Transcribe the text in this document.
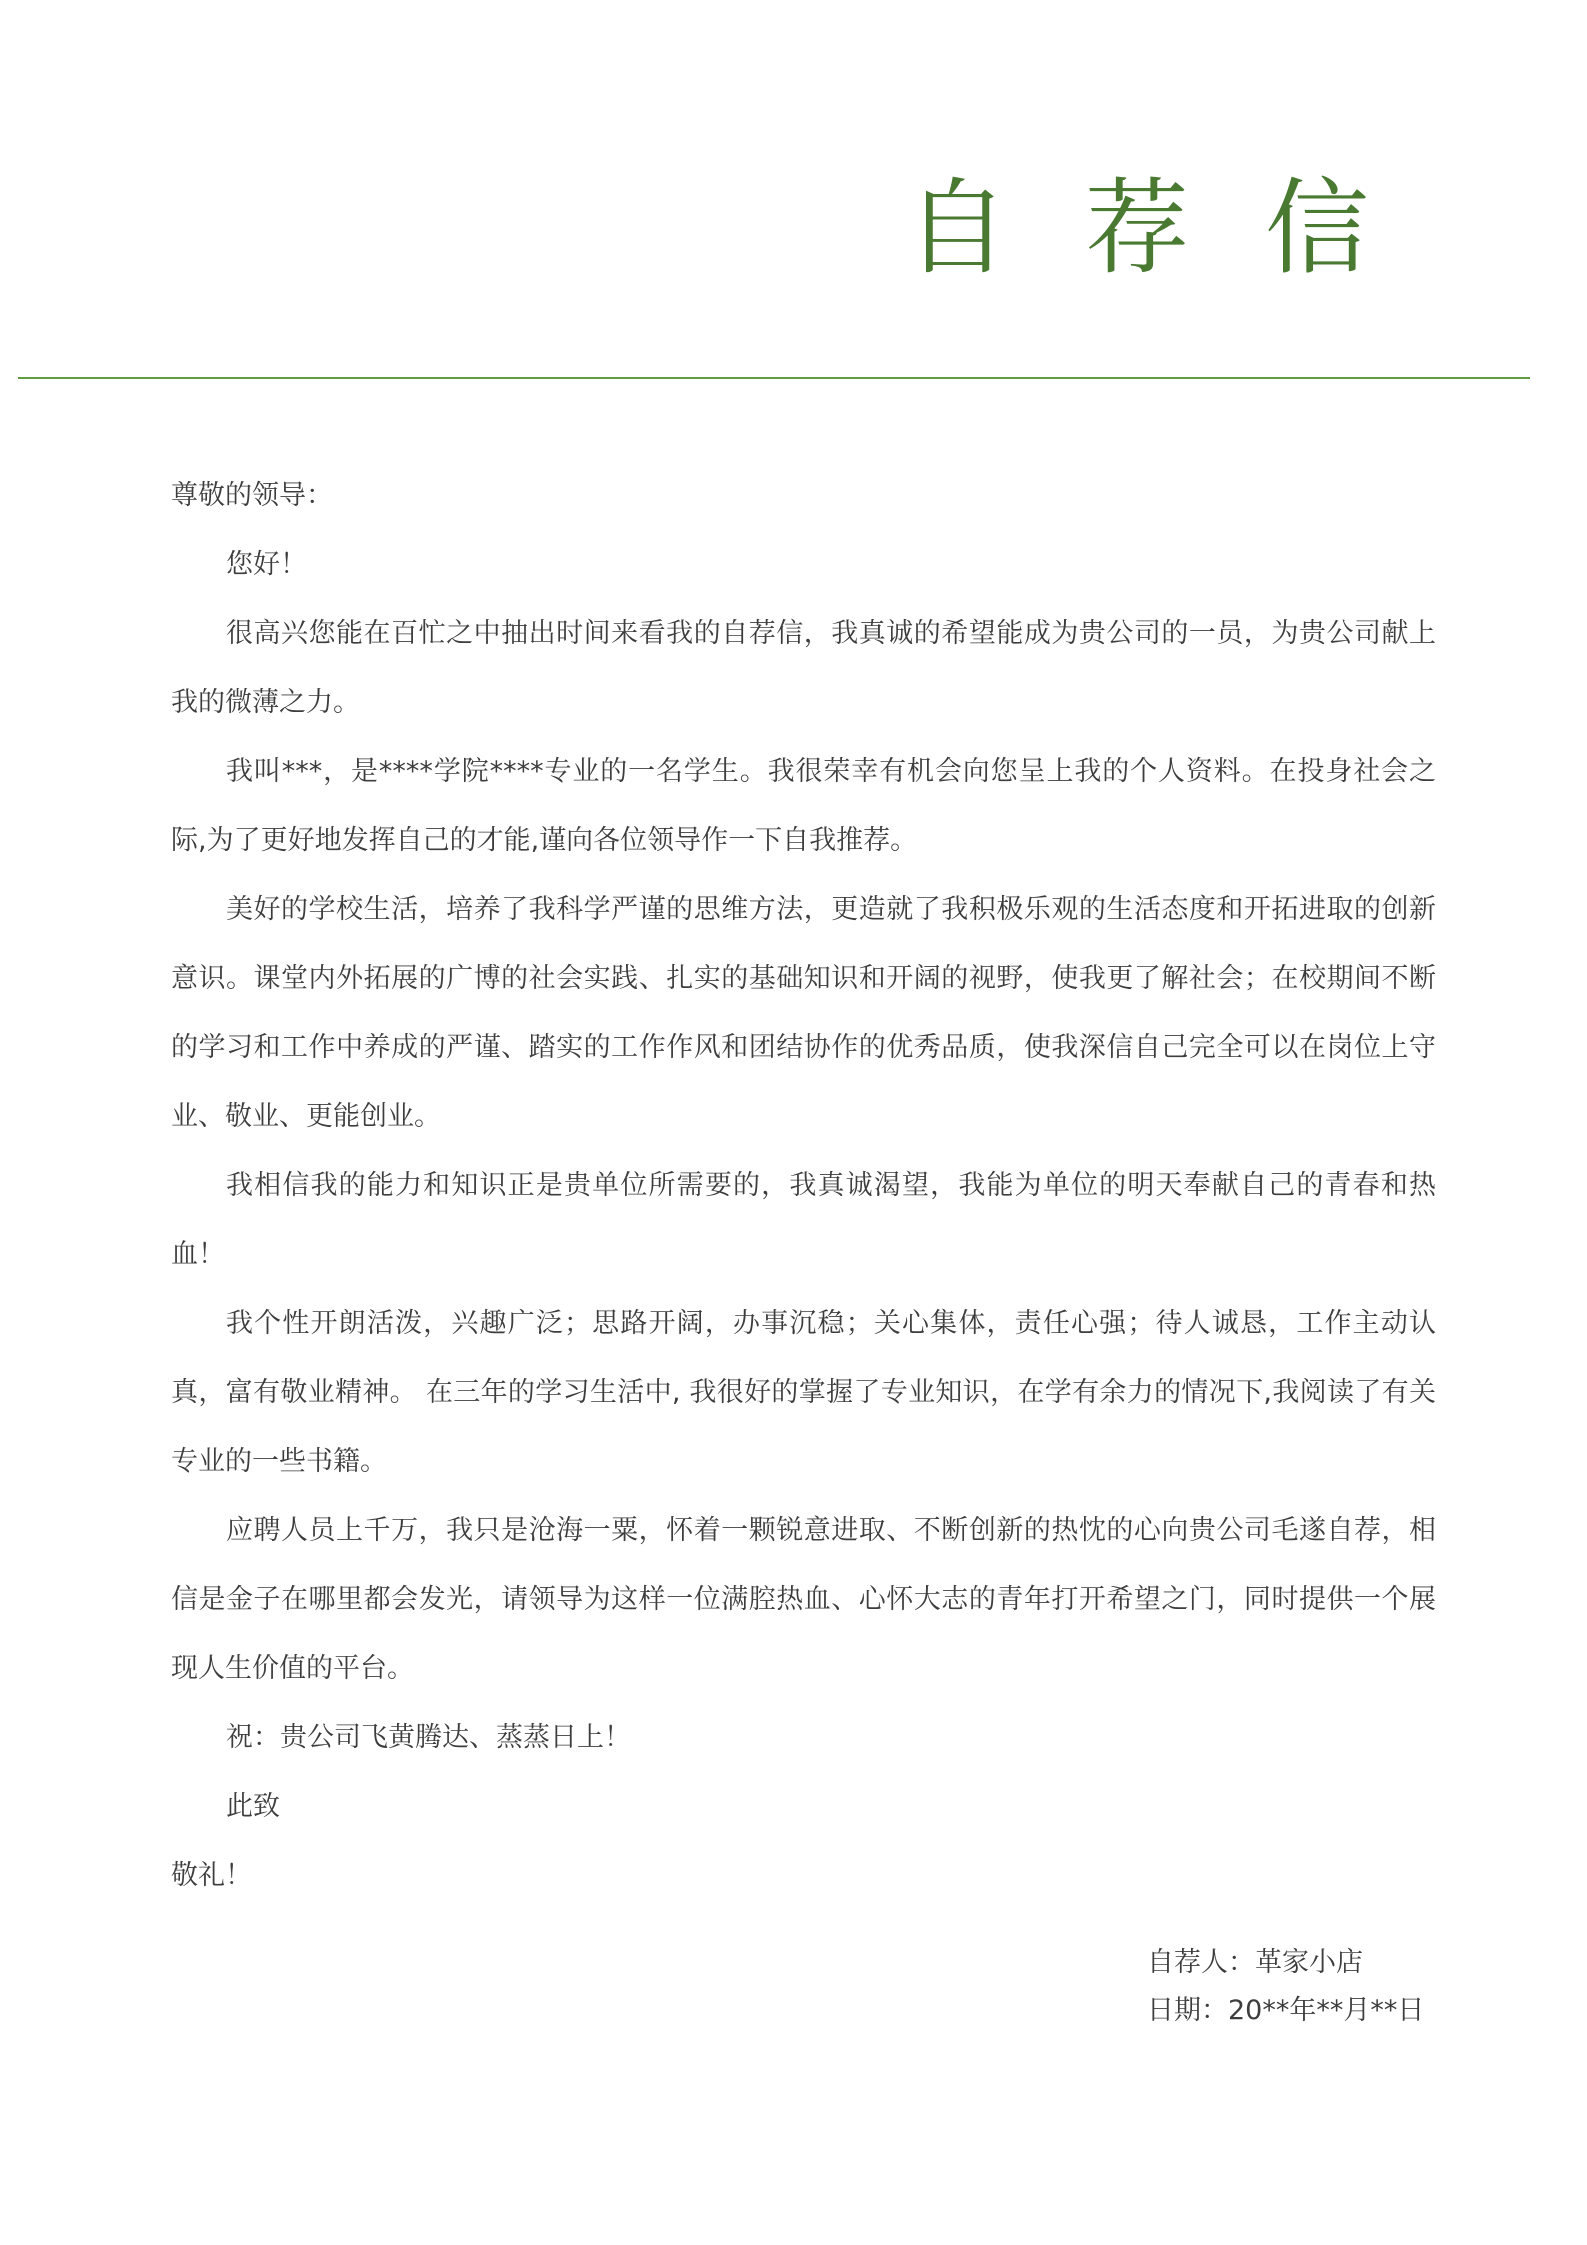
自 荐 信

尊敬的领导：

您好！

很高兴您能在百忙之中抽出时间来看我的自荐信，我真诚的希望能成为贵公司的一员，为贵公司献上我的微薄之力。

我叫***，是****学院****专业的一名学生。我很荣幸有机会向您呈上我的个人资料。在投身社会之际,为了更好地发挥自己的才能,谨向各位领导作一下自我推荐。

美好的学校生活，培养了我科学严谨的思维方法，更造就了我积极乐观的生活态度和开拓进取的创新意识。课堂内外拓展的广博的社会实践、扎实的基础知识和开阔的视野，使我更了解社会；在校期间不断的学习和工作中养成的严谨、踏实的工作作风和团结协作的优秀品质，使我深信自己完全可以在岗位上守业、敬业、更能创业。

我相信我的能力和知识正是贵单位所需要的，我真诚渴望，我能为单位的明天奉献自己的青春和热血！

我个性开朗活泼，兴趣广泛；思路开阔，办事沉稳；关心集体，责任心强；待人诚恳，工作主动认真，富有敬业精神。 在三年的学习生活中, 我很好的掌握了专业知识，在学有余力的情况下,我阅读了有关专业的一些书籍。

应聘人员上千万，我只是沧海一粟，怀着一颗锐意进取、不断创新的热忱的心向贵公司毛遂自荐，相信是金子在哪里都会发光，请领导为这样一位满腔热血、心怀大志的青年打开希望之门，同时提供一个展现人生价值的平台。

祝：贵公司飞黄腾达、蒸蒸日上！

此致

敬礼！

自荐人：革家小店
日期：20**年**月**日
